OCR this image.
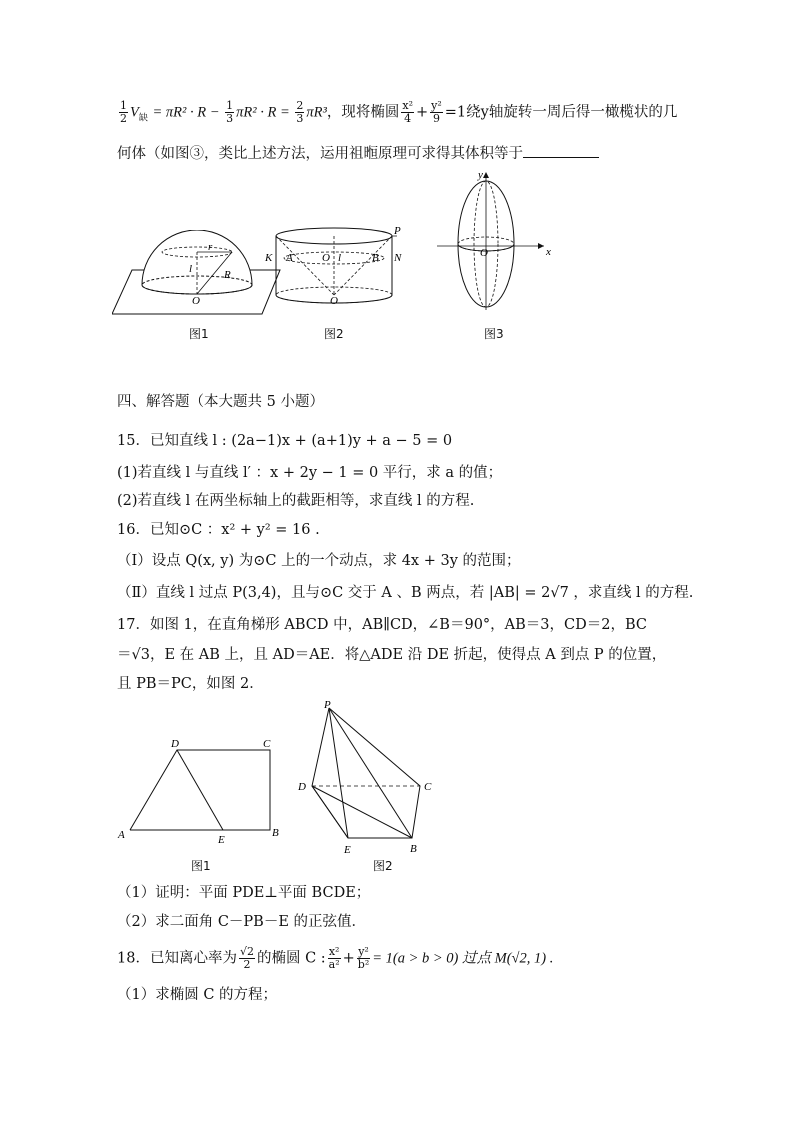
$\frac{1}{2} V_缺 = \pi R^2 \cdot R - \frac{1}{3} \pi R^2 \cdot R = \frac{2}{3} \pi R^3$，现将椭圆 $\frac{\text{x²}}{4} + \frac{\text{y²}}{9} =1$绕y轴旋转一周后得一橄榄状的几
何体（如图③，类比上述方法，运用祖暅原理可求得其体积等于
r
l	R
O
图1
P
K A	O l	B N
O
图2
y
x
O
图3
四、解答题（本大题共 5 小题）
15．已知直线 l : (2a−1)x + (a+1)y + a − 5 = 0
(1)若直线 l 与直线 l′ ：x + 2y − 1 = 0 平行，求 a 的值；
(2)若直线 l 在两坐标轴上的截距相等，求直线 l 的方程.
16．已知⊙C ：x² + y² = 16 .
（Ⅰ）设点 Q(x, y) 为⊙C 上的一个动点，求 4x + 3y 的范围；
（Ⅱ）直线 l 过点 P(3,4)，且与⊙C 交于 A 、B 两点，若 |AB| = 2√7 ，求直线 l 的方程.
17．如图 1，在直角梯形 ABCD 中，AB∥CD，∠B＝90°，AB＝3，CD＝2，BC
＝√3，E 在 AB 上，且 AD＝AE．将△ADE 沿 DE 折起，使得点 A 到点 P 的位置，
且 PB＝PC，如图 2．
D	C
A	E
B
图1
P
D	C
E	B
图2
（1）证明：平面 PDE⊥平面 BCDE；
（2）求二面角 C－PB－E 的正弦值．
18．已知离心率为 $\frac{√2}{2}$ 的椭圆 C : $\frac{\text{x²}}{\text{a²}} + \frac{\text{y²}}{\text{b²}} = 1(a > b > 0)$ 过点 M(√2, 1) .
（1）求椭圆 C 的方程；
